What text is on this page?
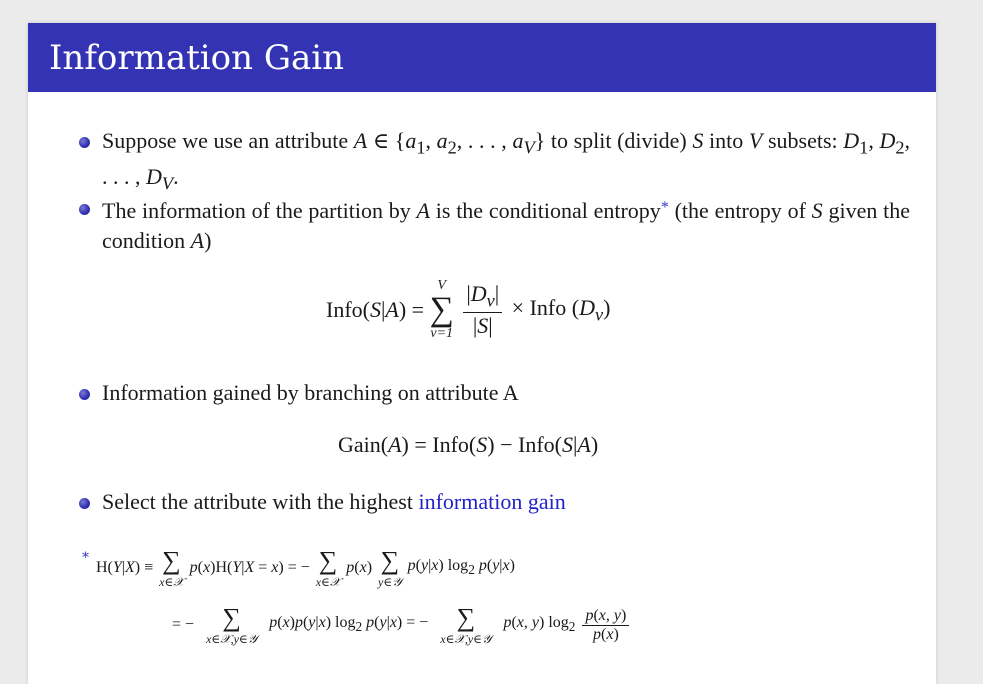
Information Gain
Suppose we use an attribute A ∈ {$a_1$, $a_2$, . . . , $a_V$} to split (divide) S into V subsets: $D_1$, $D_2$, . . . , $D_V$.
The information of the partition by A is the conditional entropy* (the entropy of S given the condition A)
Info(S|A) =
V
∑
v=1
$\frac{|D_v|}{|S|}$ × Info $(D_v)$
Information gained by branching on attribute A
Gain(A) = Info(S) − Info(S|A)
Select the attribute with the highest information gain
*
H(Y|X) ≡ ∑
x∈𝒳
p(x)H(Y|X = x) = − ∑
x∈𝒳
p(x) ∑
y∈𝒴
p(y|x) $\log_2 p(y|x)$
= −	∑
x∈𝒳,y∈𝒴
p(x)p(y|x) $\log_2 p(y|x)$ = −	∑
x∈𝒳,y∈𝒴
p(x, y) $\log_2 \frac{p(x, y)}{p(x)}$
